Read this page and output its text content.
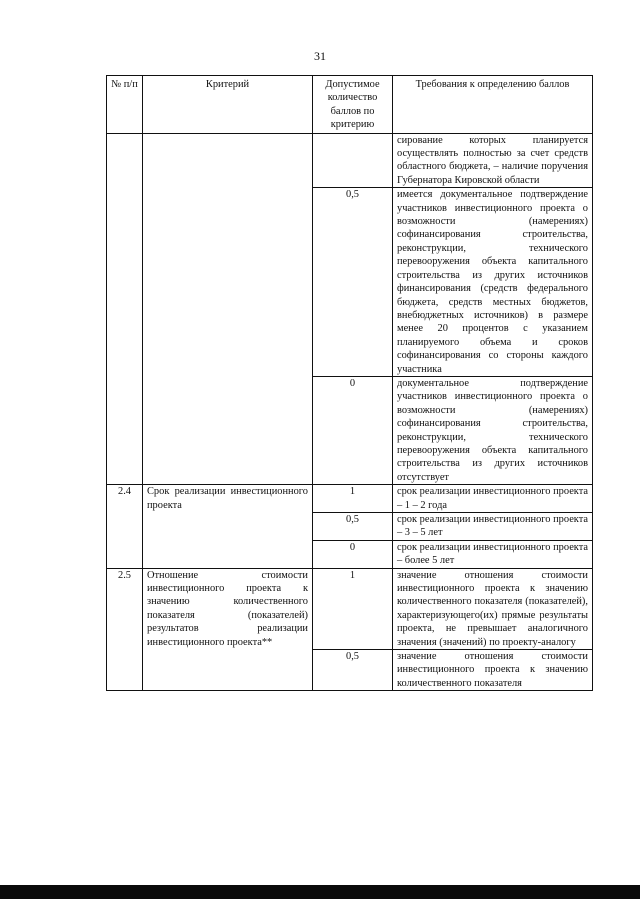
31
№ п/п	Критерий	Допустимое количество баллов по критерию	Требования к определению баллов
			сирование которых планируется осуществлять полностью за счет средств областного бюджета, – наличие поручения Губернатора Кировской области
		0,5	имеется документальное подтверждение участников инвестиционного проекта о возможности (намерениях) софинансирования строительства, реконструкции, технического перевооружения объекта капитального строительства из других источников финансирования (средств федерального бюджета, средств местных бюджетов, внебюджетных источников) в размере менее 20 процентов с указанием планируемого объема и сроков софинансирования со стороны каждого участника
		0	документальное подтверждение участников инвестиционного проекта о возможности (намерениях) софинансирования строительства, реконструкции, технического перевооружения объекта капитального строительства из других источников отсутствует
2.4	Срок реализации инвестиционного проекта	1	срок реализации инвестиционного проекта – 1 – 2 года
		0,5	срок реализации инвестиционного проекта – 3 – 5 лет
		0	срок реализации инвестиционного проекта – более 5 лет
2.5	Отношение стоимости инвестиционного проекта к значению количественного показателя (показателей) результатов реализации инвестиционного проекта**	1	значение отношения стоимости инвестиционного проекта к значению количественного показателя (показателей), характеризующего(их) прямые результаты проекта, не превышает аналогичного значения (значений) по проекту-аналогу
		0,5	значение отношения стоимости инвестиционного проекта к значению количественного показателя
